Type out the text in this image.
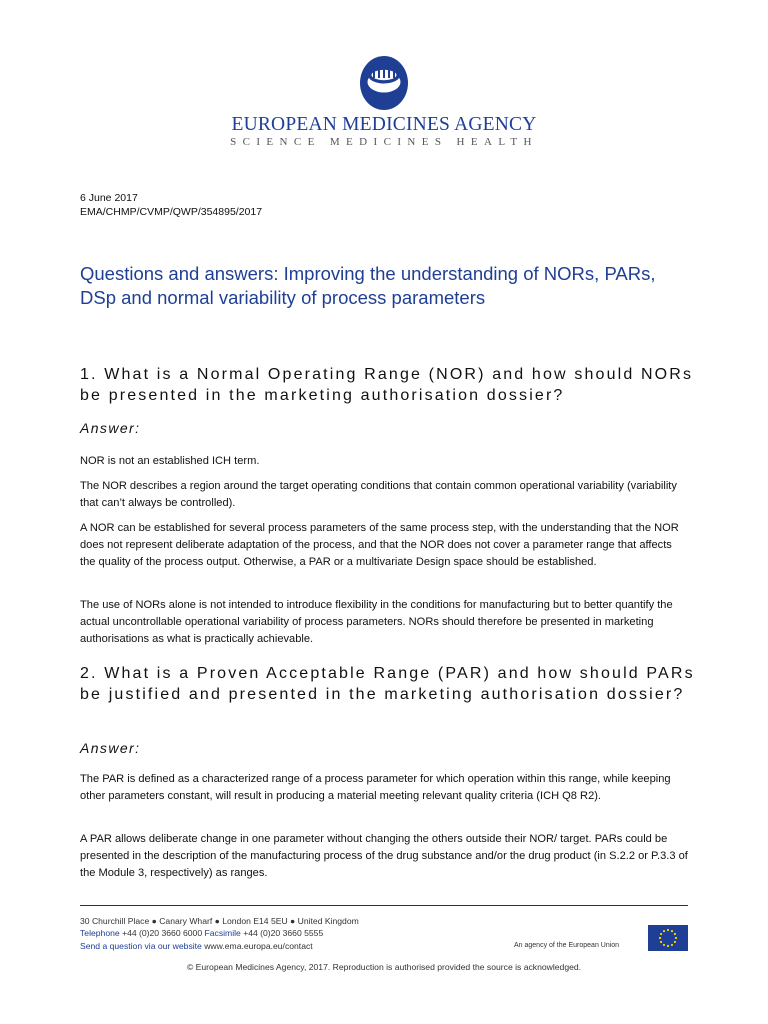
EUROPEAN MEDICINES AGENCY
SCIENCE MEDICINES HEALTH
6 June 2017
EMA/CHMP/CVMP/QWP/354895/2017
Questions and answers: Improving the understanding of NORs, PARs, DSp and normal variability of process parameters
1. What is a Normal Operating Range (NOR) and how should NORs be presented in the marketing authorisation dossier?
Answer:

NOR is not an established ICH term.

The NOR describes a region around the target operating conditions that contain common operational variability (variability that can’t always be controlled).

A NOR can be established for several process parameters of the same process step, with the understanding that the NOR does not represent deliberate adaptation of the process, and that the NOR does not cover a parameter range that affects the quality of the process output. Otherwise, a PAR or a multivariate Design space should be established.

The use of NORs alone is not intended to introduce flexibility in the conditions for manufacturing but to better quantify the actual uncontrollable operational variability of process parameters. NORs should therefore be presented in marketing authorisations as what is practically achievable.

2. What is a Proven Acceptable Range (PAR) and how should PARs be justified and presented in the marketing authorisation dossier?
Answer:

The PAR is defined as a characterized range of a process parameter for which operation within this range, while keeping other parameters constant, will result in producing a material meeting relevant quality criteria (ICH Q8 R2).

A PAR allows deliberate change in one parameter without changing the others outside their NOR/ target. PARs could be presented in the description of the manufacturing process of the drug substance and/or the drug product (in S.2.2 or P.3.3 of the Module 3, respectively) as ranges.

30 Churchill Place ● Canary Wharf ● London E14 5EU ● United Kingdom
Telephone +44 (0)20 3660 6000 Facsimile +44 (0)20 3660 5555
Send a question via our website www.ema.europa.eu/contact	An agency of the European Union
© European Medicines Agency, 2017. Reproduction is authorised provided the source is acknowledged.
